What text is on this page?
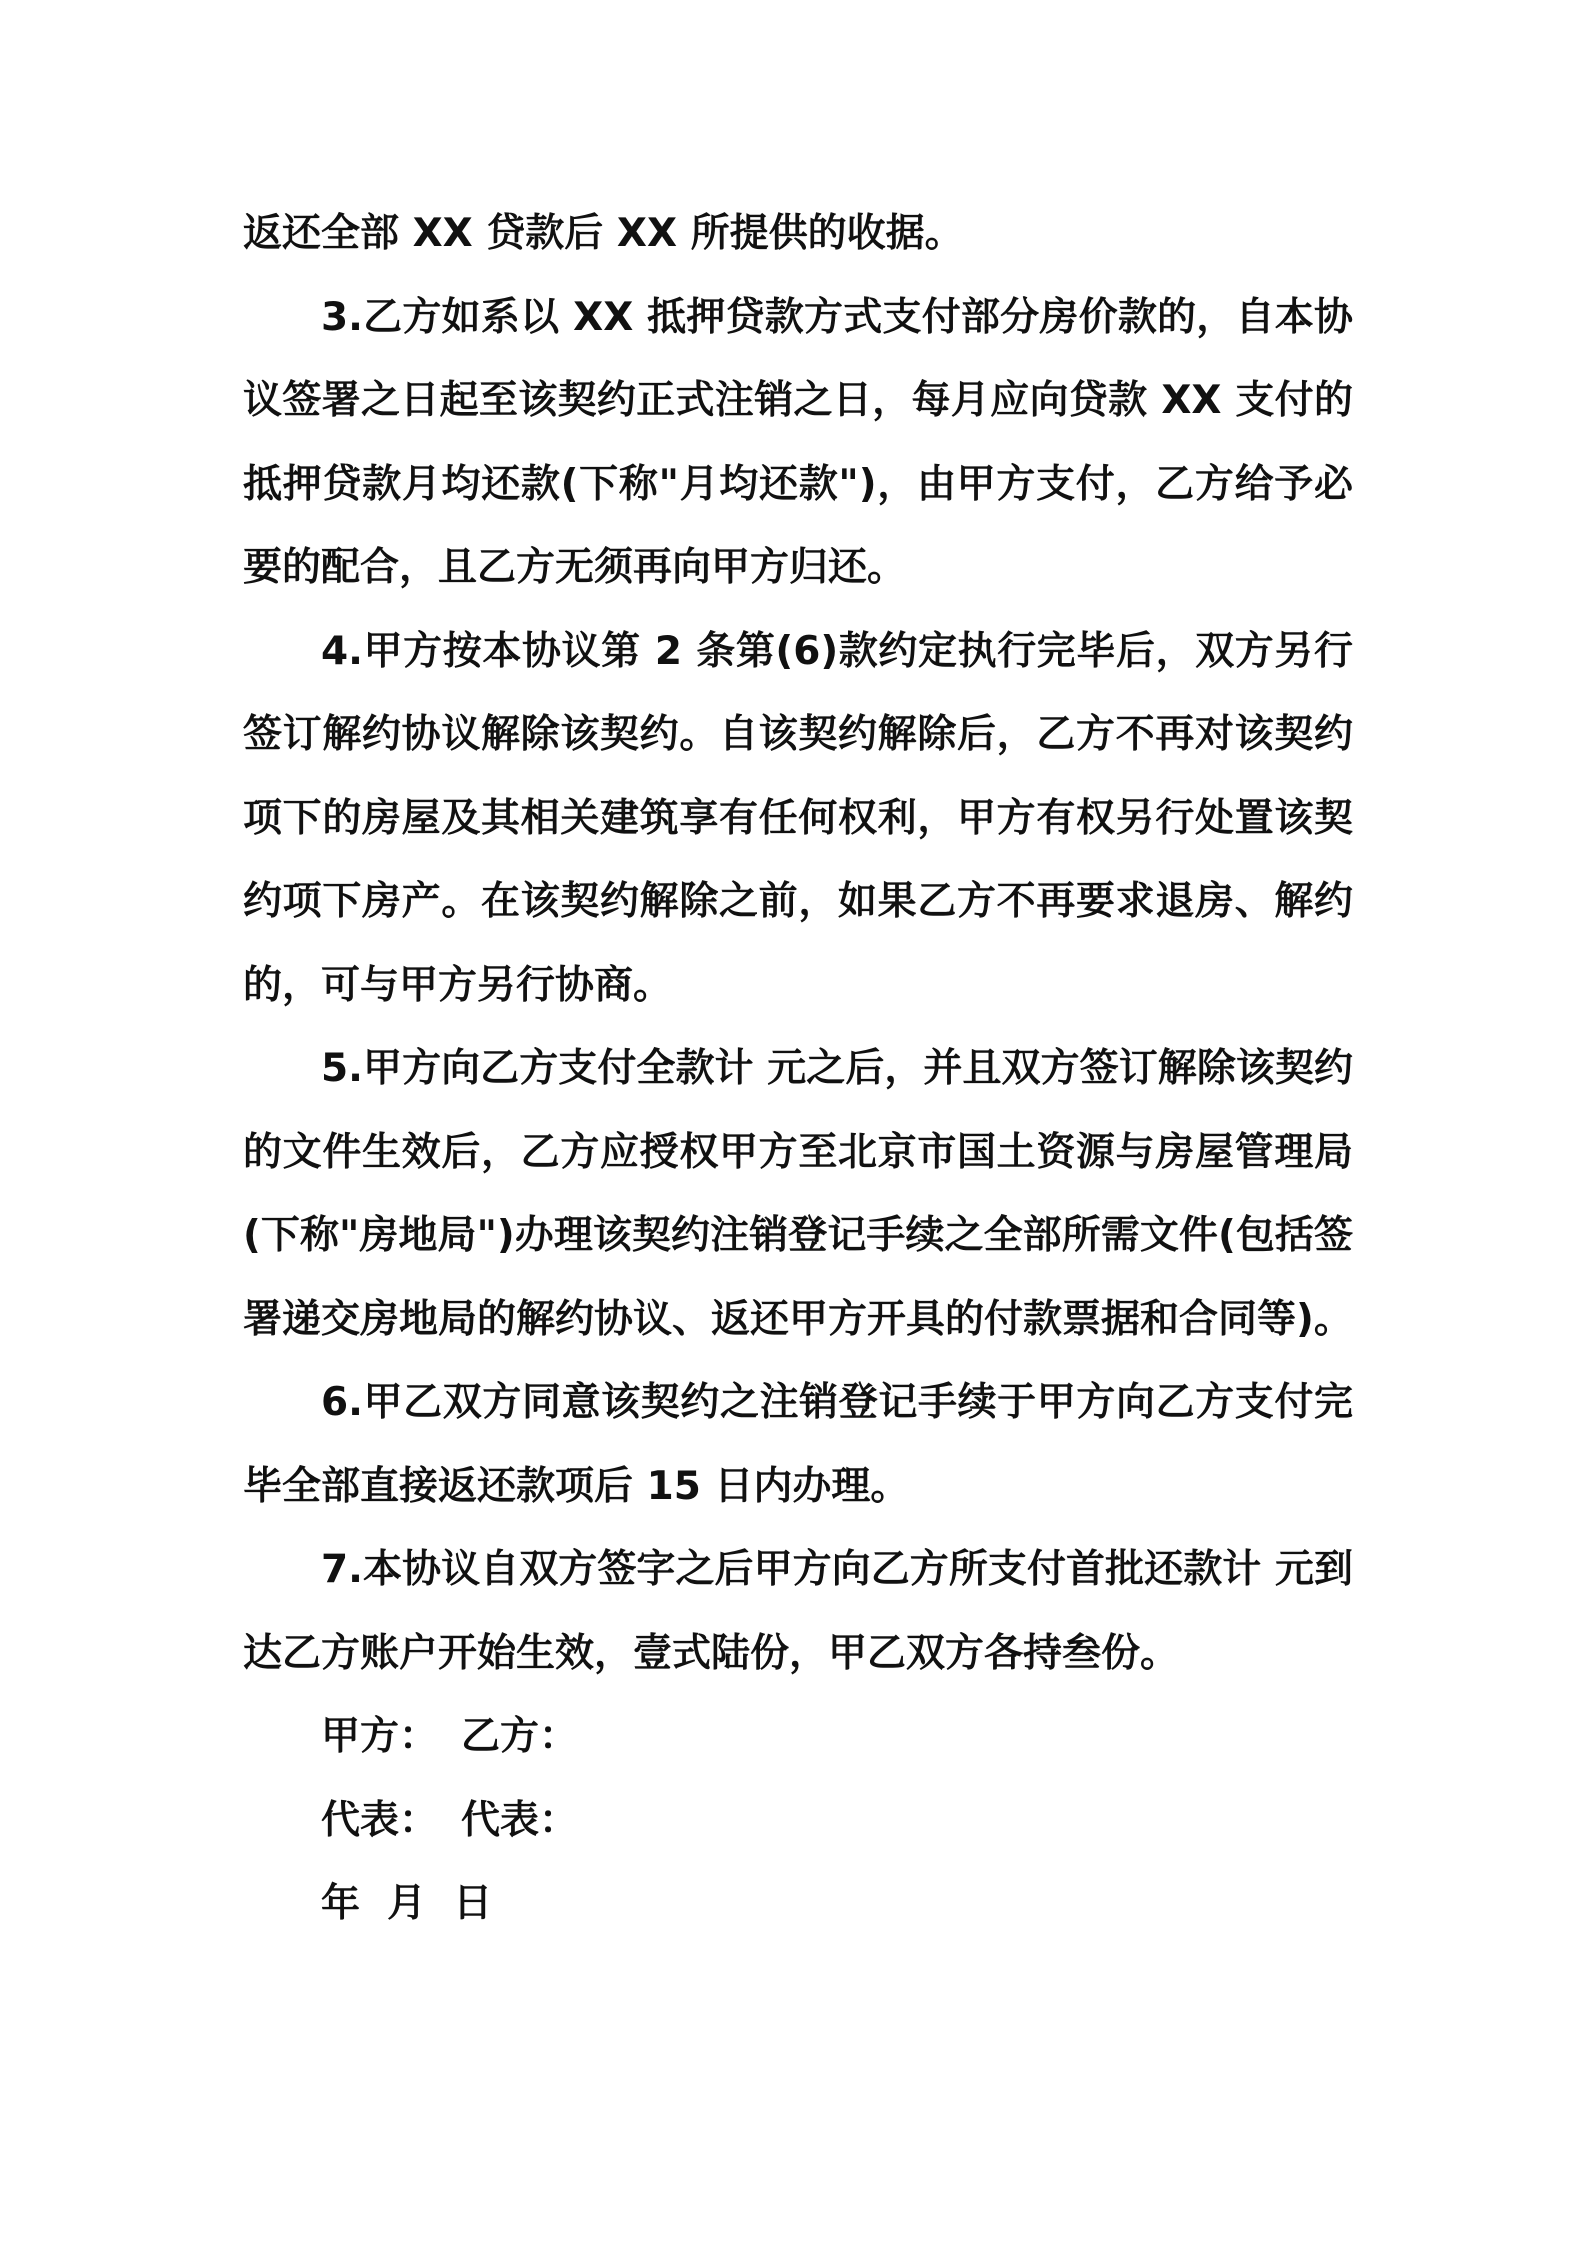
返还全部 XX 贷款后 XX 所提供的收据。

3.乙方如系以 XX 抵押贷款方式支付部分房价款的，自本协议签署之日起至该契约正式注销之日，每月应向贷款 XX 支付的抵押贷款月均还款(下称"月均还款")，由甲方支付，乙方给予必要的配合，且乙方无须再向甲方归还。

4.甲方按本协议第 2 条第(6)款约定执行完毕后，双方另行签订解约协议解除该契约。自该契约解除后，乙方不再对该契约项下的房屋及其相关建筑享有任何权利，甲方有权另行处置该契约项下房产。在该契约解除之前，如果乙方不再要求退房、解约的，可与甲方另行协商。

5.甲方向乙方支付全款计 元之后，并且双方签订解除该契约的文件生效后，乙方应授权甲方至北京市国土资源与房屋管理局(下称"房地局")办理该契约注销登记手续之全部所需文件(包括签署递交房地局的解约协议、返还甲方开具的付款票据和合同等)。

6.甲乙双方同意该契约之注销登记手续于甲方向乙方支付完毕全部直接返还款项后 15 日内办理。

7.本协议自双方签字之后甲方向乙方所支付首批还款计 元到达乙方账户开始生效，壹式陆份，甲乙双方各持叁份。

甲方： 乙方：
代表： 代表：
年  月  日
